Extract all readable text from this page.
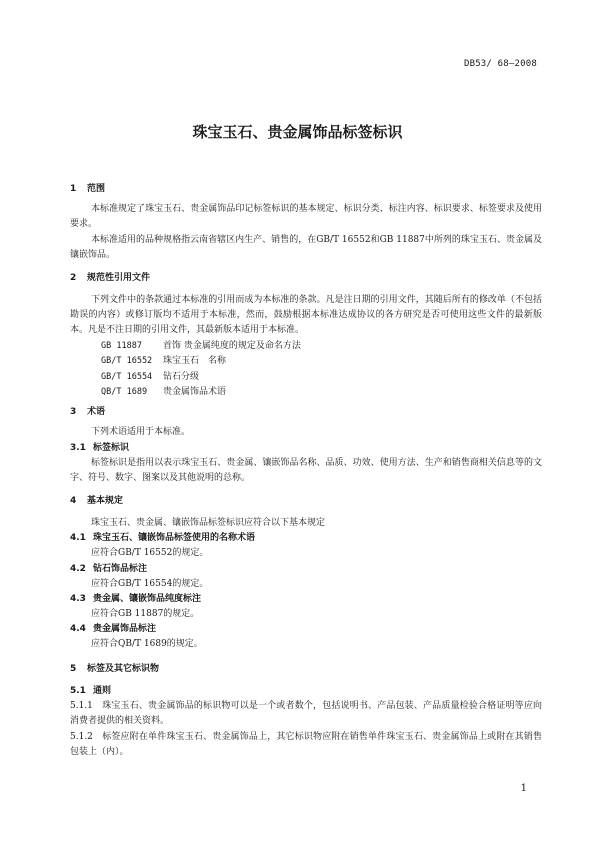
DB53/ 68—2008
珠宝玉石、贵金属饰品标签标识
1 范围
本标准规定了珠宝玉石、贵金属饰品印记标签标识的基本规定、标识分类、标注内容、标识要求、标签要求及使用要求。
本标准适用的品种规格指云南省辖区内生产、销售的，在GB/T 16552和GB 11887中所列的珠宝玉石、贵金属及镶嵌饰品。
2 规范性引用文件
下列文件中的条款通过本标准的引用而成为本标准的条款。凡是注日期的引用文件，其随后所有的修改单（不包括勘误的内容）或修订版均不适用于本标准，然而，鼓励根据本标准达成协议的各方研究是否可使用这些文件的最新版本。凡是不注日期的引用文件，其最新版本适用于本标准。
GB 11887 首饰 贵金属纯度的规定及命名方法
GB/T 16552 珠宝玉石　名称
GB/T 16554 钻石分级
QB/T 1689 贵金属饰品术语
3 术语
下列术语适用于本标准。
3.1 标签标识
标签标识是指用以表示珠宝玉石、贵金属、镶嵌饰品名称、品质、功效、使用方法、生产和销售商相关信息等的文字、符号、数字、图案以及其他说明的总称。
4 基本规定
珠宝玉石、贵金属、镶嵌饰品标签标识应符合以下基本规定
4.1 珠宝玉石、镶嵌饰品标签使用的名称术语
应符合GB/T 16552的规定。
4.2 钻石饰品标注
应符合GB/T 16554的规定。
4.3 贵金属、镶嵌饰品纯度标注
应符合GB 11887的规定。
4.4 贵金属饰品标注
应符合QB/T 1689的规定。
5 标签及其它标识物
5.1 通则
5.1.1　珠宝玉石、贵金属饰品的标识物可以是一个或者数个，包括说明书、产品包装、产品质量检验合格证明等应向消费者提供的相关资料。
5.1.2　标签应附在单件珠宝玉石、贵金属饰品上，其它标识物应附在销售单件珠宝玉石、贵金属饰品上或附在其销售包装上（内）。
1
